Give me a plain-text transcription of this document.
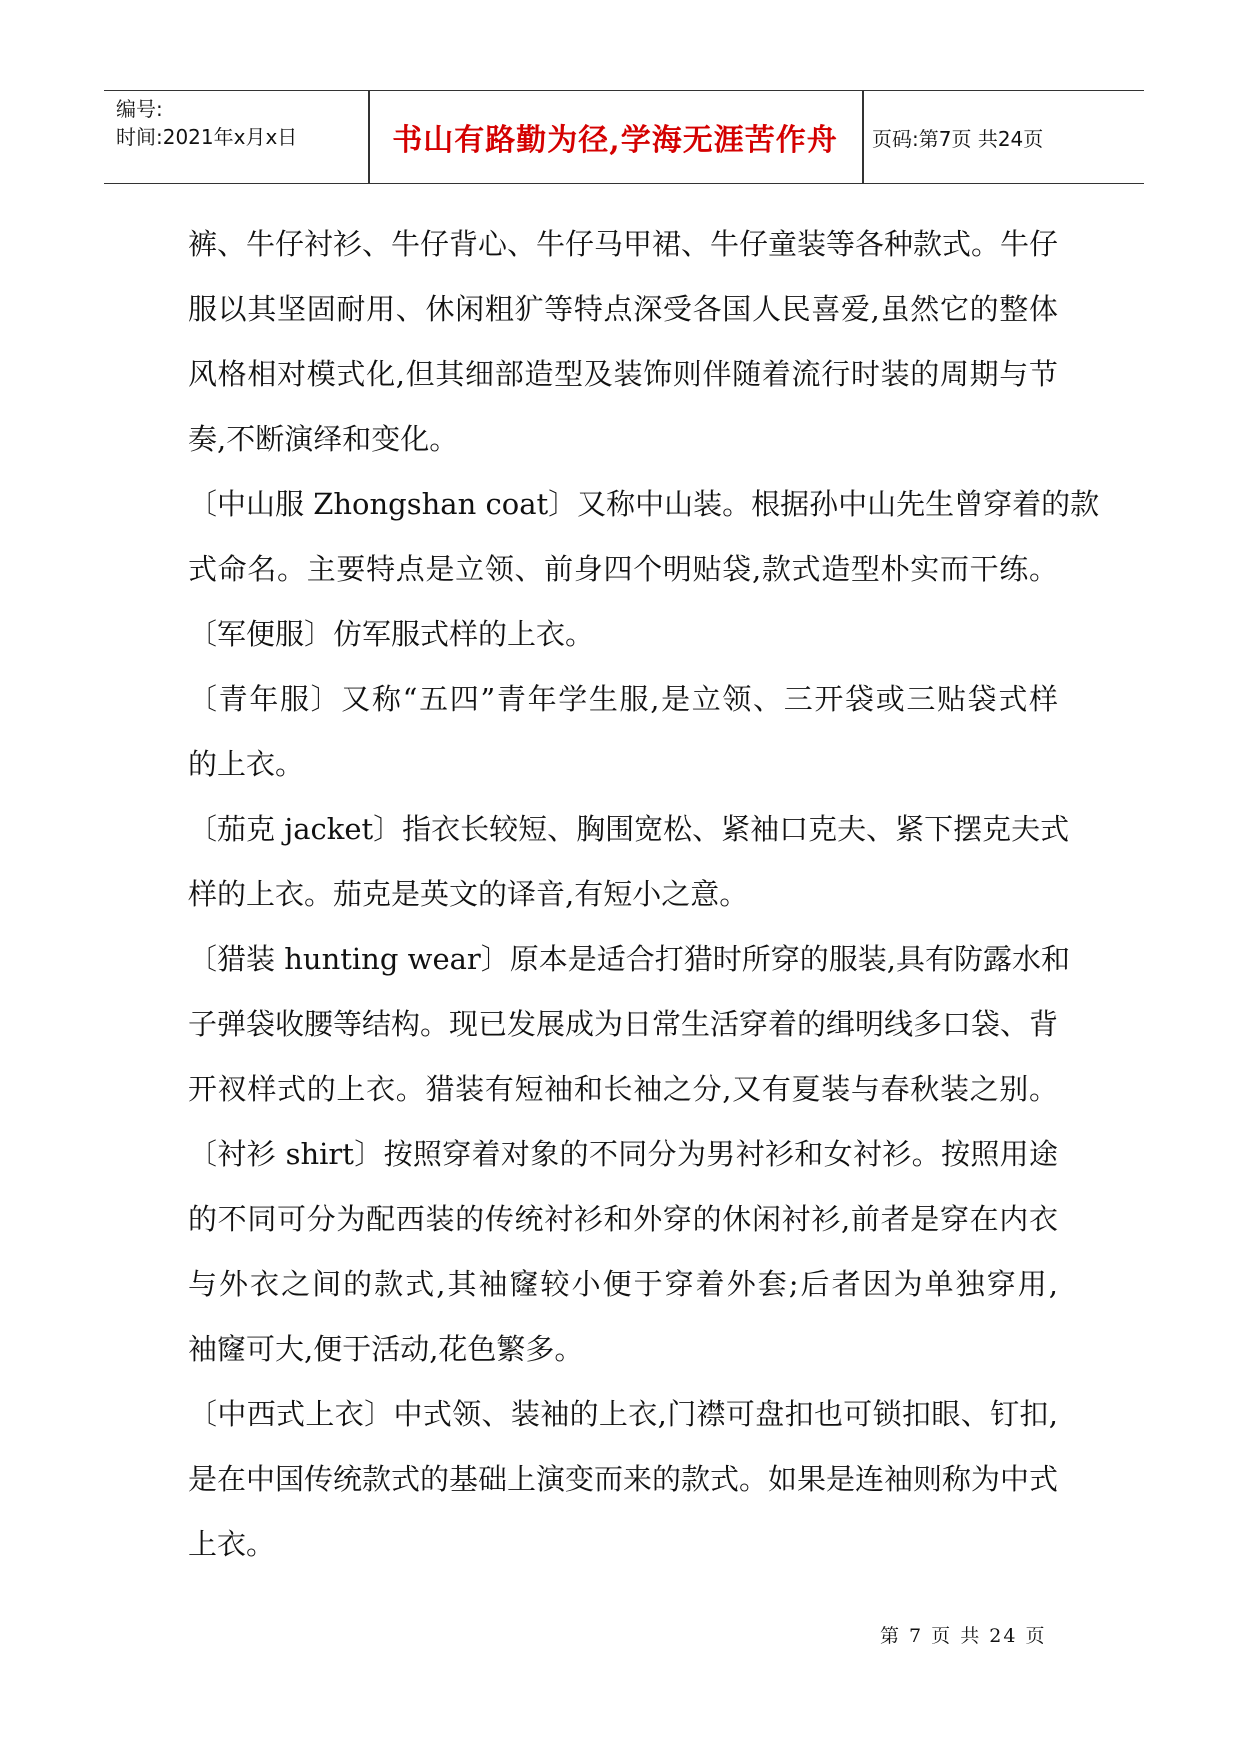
编号:
时间:2021年x月x日	书山有路勤为径,学海无涯苦作舟	页码:第7页 共24页
裤、牛仔衬衫、牛仔背心、牛仔马甲裙、牛仔童装等各种款式。牛仔
服以其坚固耐用、休闲粗犷等特点深受各国人民喜爱,虽然它的整体
风格相对模式化,但其细部造型及装饰则伴随着流行时装的周期与节
奏,不断演绎和变化。
〔中山服 Zhongshan coat〕又称中山装。根据孙中山先生曾穿着的款
式命名。主要特点是立领、前身四个明贴袋,款式造型朴实而干练。
〔军便服〕仿军服式样的上衣。
〔青年服〕又称“五四”青年学生服,是立领、三开袋或三贴袋式样
的上衣。
〔茄克 jacket〕指衣长较短、胸围宽松、紧袖口克夫、紧下摆克夫式
样的上衣。茄克是英文的译音,有短小之意。
〔猎装 hunting wear〕原本是适合打猎时所穿的服装,具有防露水和
子弹袋收腰等结构。现已发展成为日常生活穿着的缉明线多口袋、背
开衩样式的上衣。猎装有短袖和长袖之分,又有夏装与春秋装之别。
〔衬衫 shirt〕按照穿着对象的不同分为男衬衫和女衬衫。按照用途
的不同可分为配西装的传统衬衫和外穿的休闲衬衫,前者是穿在内衣
与外衣之间的款式,其袖窿较小便于穿着外套;后者因为单独穿用,
袖窿可大,便于活动,花色繁多。
〔中西式上衣〕中式领、装袖的上衣,门襟可盘扣也可锁扣眼、钉扣,
是在中国传统款式的基础上演变而来的款式。如果是连袖则称为中式
上衣。
第 7 页 共 24 页
